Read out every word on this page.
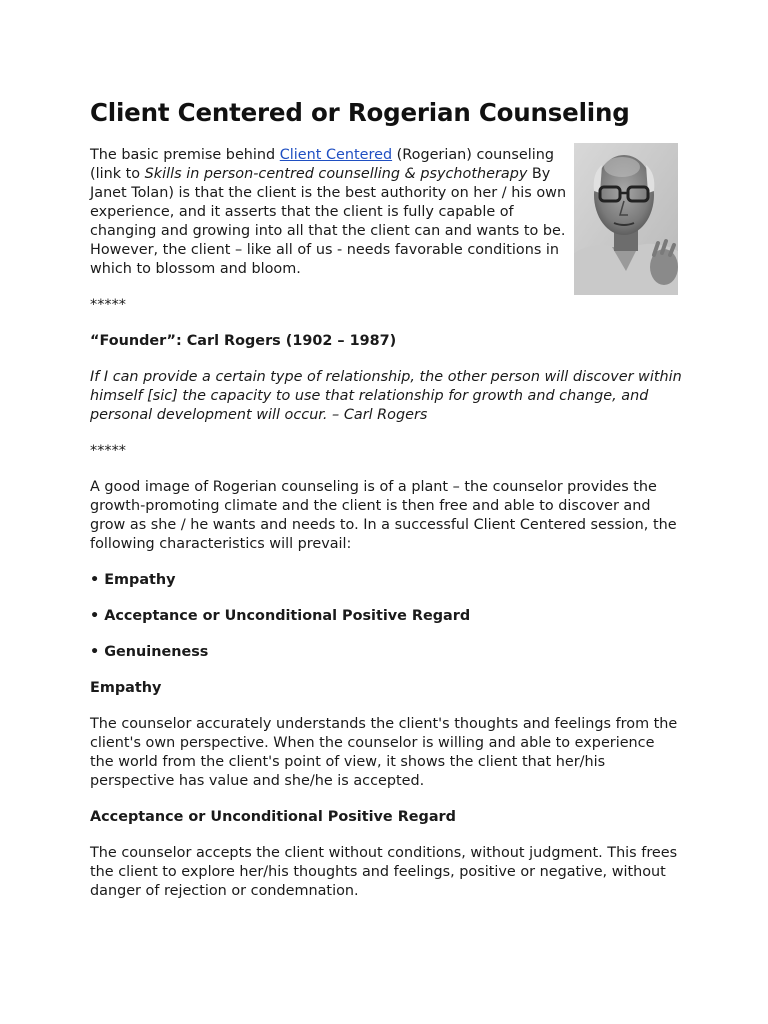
Client Centered or Rogerian Counseling

The basic premise behind Client Centered (Rogerian) counseling (link to Skills in person-centred counselling & psychotherapy By Janet Tolan) is that the client is the best authority on her / his own experience, and it asserts that the client is fully capable of changing and growing into all that the client can and wants to be. However, the client – like all of us - needs favorable conditions in which to blossom and bloom.

*****
“Founder”: Carl Rogers (1902 – 1987)

If I can provide a certain type of relationship, the other person will discover within himself [sic] the capacity to use that relationship for growth and change, and personal development will occur. – Carl Rogers

*****

A good image of Rogerian counseling is of a plant – the counselor provides the growth-promoting climate and the client is then free and able to discover and grow as she / he wants and needs to. In a successful Client Centered session, the following characteristics will prevail:

• Empathy
• Acceptance or Unconditional Positive Regard
• Genuineness
Empathy

The counselor accurately understands the client's thoughts and feelings from the client's own perspective. When the counselor is willing and able to experience the world from the client's point of view, it shows the client that her/his perspective has value and she/he is accepted.

Acceptance or Unconditional Positive Regard

The counselor accepts the client without conditions, without judgment. This frees the client to explore her/his thoughts and feelings, positive or negative, without danger of rejection or condemnation.
